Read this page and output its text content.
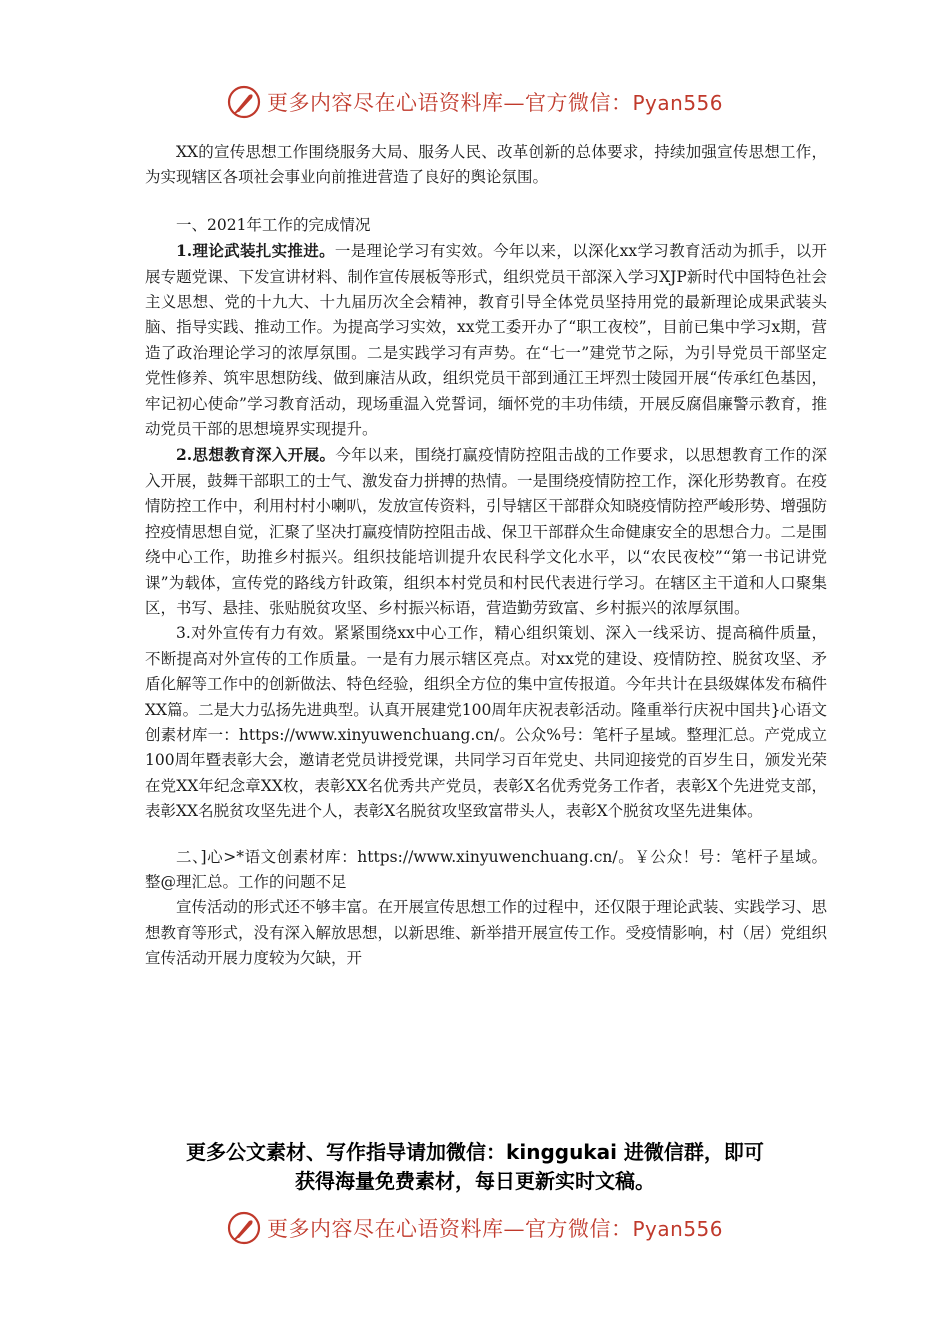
更多内容尽在心语资料库—官方微信：Pyan556

XX的宣传思想工作围绕服务大局、服务人民、改革创新的总体要求，持续加强宣传思想工作，为实现辖区各项社会事业向前推进营造了良好的舆论氛围。

一、2021年工作的完成情况

1.理论武装扎实推进。一是理论学习有实效。今年以来，以深化xx学习教育活动为抓手，以开展专题党课、下发宣讲材料、制作宣传展板等形式，组织党员干部深入学习XJP新时代中国特色社会主义思想、党的十九大、十九届历次全会精神，教育引导全体党员坚持用党的最新理论成果武装头脑、指导实践、推动工作。为提高学习实效，xx党工委开办了“职工夜校”，目前已集中学习x期，营造了政治理论学习的浓厚氛围。二是实践学习有声势。在“七一”建党节之际，为引导党员干部坚定党性修养、筑牢思想防线、做到廉洁从政，组织党员干部到通江王坪烈士陵园开展“传承红色基因，牢记初心使命”学习教育活动，现场重温入党誓词，缅怀党的丰功伟绩，开展反腐倡廉警示教育，推动党员干部的思想境界实现提升。

2.思想教育深入开展。今年以来，围绕打赢疫情防控阻击战的工作要求，以思想教育工作的深入开展，鼓舞干部职工的士气、激发奋力拼搏的热情。一是围绕疫情防控工作，深化形势教育。在疫情防控工作中，利用村村小喇叭，发放宣传资料，引导辖区干部群众知晓疫情防控严峻形势、增强防控疫情思想自觉，汇聚了坚决打赢疫情防控阻击战、保卫干部群众生命健康安全的思想合力。二是围绕中心工作，助推乡村振兴。组织技能培训提升农民科学文化水平，以“农民夜校”“第一书记讲党课”为载体，宣传党的路线方针政策，组织本村党员和村民代表进行学习。在辖区主干道和人口聚集区，书写、悬挂、张贴脱贫攻坚、乡村振兴标语，营造勤劳致富、乡村振兴的浓厚氛围。

3.对外宣传有力有效。紧紧围绕xx中心工作，精心组织策划、深入一线采访、提高稿件质量，不断提高对外宣传的工作质量。一是有力展示辖区亮点。对xx党的建设、疫情防控、脱贫攻坚、矛盾化解等工作中的创新做法、特色经验，组织全方位的集中宣传报道。今年共计在县级媒体发布稿件XX篇。二是大力弘扬先进典型。认真开展建党100周年庆祝表彰活动。隆重举行庆祝中国共}心语文创素材库一：https://www.xinyuwenchuang.cn/。公众%号：笔杆子星域。整理汇总。产党成立100周年暨表彰大会，邀请老党员讲授党课，共同学习百年党史、共同迎接党的百岁生日，颁发光荣在党XX年纪念章XX枚，表彰XX名优秀共产党员，表彰X名优秀党务工作者，表彰X个先进党支部，表彰XX名脱贫攻坚先进个人，表彰X名脱贫攻坚致富带头人，表彰X个脱贫攻坚先进集体。

二、]心>*语文创素材库：https://www.xinyuwenchuang.cn/。￥公众！号：笔杆子星域。整@理汇总。工作的问题不足

宣传活动的形式还不够丰富。在开展宣传思想工作的过程中，还仅限于理论武装、实践学习、思想教育等形式，没有深入解放思想，以新思维、新举措开展宣传工作。受疫情影响，村（居）党组织宣传活动开展力度较为欠缺，开

更多公文素材、写作指导请加微信：kinggukai 进微信群，即可
获得海量免费素材，每日更新实时文稿。
更多内容尽在心语资料库—官方微信：Pyan556
